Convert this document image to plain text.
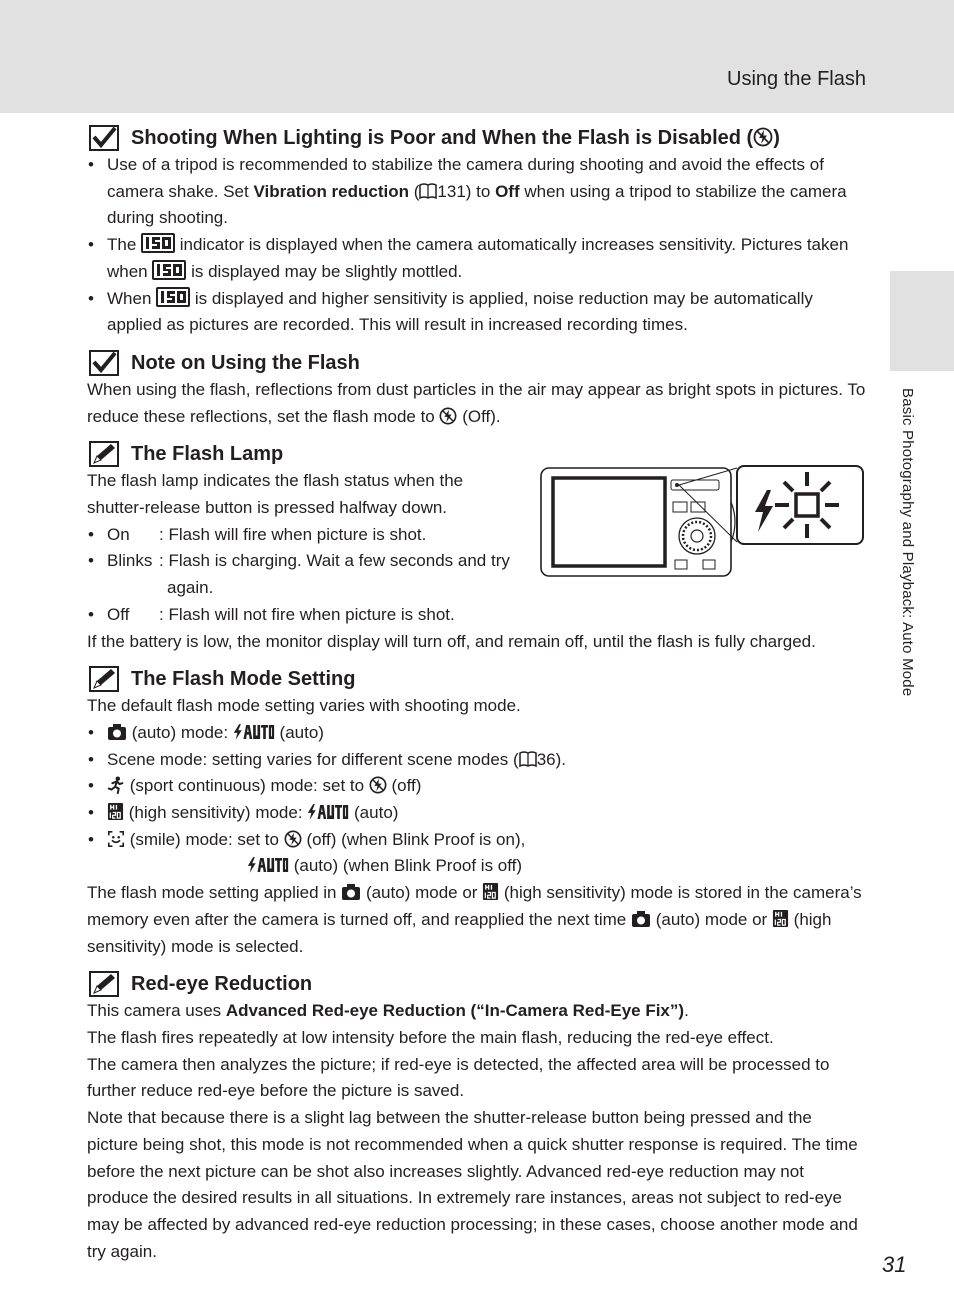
Using the Flash
Basic Photography and Playback: Auto Mode
Shooting When Lighting is Poor and When the Flash is Disabled ( )
• Use of a tripod is recommended to stabilize the camera during shooting and avoid the effects of camera shake. Set Vibration reduction ( 131) to Off when using a tripod to stabilize the camera during shooting.
• The  indicator is displayed when the camera automatically increases sensitivity. Pictures taken when  is displayed may be slightly mottled.
• When  is displayed and higher sensitivity is applied, noise reduction may be automatically applied as pictures are recorded. This will result in increased recording times.
Note on Using the Flash

When using the flash, reflections from dust particles in the air may appear as bright spots in pictures. To reduce these reflections, set the flash mode to  (Off).

The Flash Lamp

The flash lamp indicates the flash status when the shutter-release button is pressed halfway down.

• On : Flash will fire when picture is shot.
• Blinks : Flash is charging. Wait a few seconds and try
again.
• Off : Flash will not fire when picture is shot.

If the battery is low, the monitor display will turn off, and remain off, until the flash is fully charged.

The Flash Mode Setting

The default flash mode setting varies with shooting mode.

• (auto) mode:  (auto)
• Scene mode: setting varies for different scene modes ( 36).
• (sport continuous) mode: set to  (off)
• (high sensitivity) mode:  (auto)
• (smile) mode: set to  (off) (when Blink Proof is on),
(auto) (when Blink Proof is off)

The flash mode setting applied in  (auto) mode or  (high sensitivity) mode is stored in the camera’s memory even after the camera is turned off, and reapplied the next time  (auto) mode or  (high sensitivity) mode is selected.

Red-eye Reduction

This camera uses Advanced Red-eye Reduction (“In-Camera Red-Eye Fix”).

The flash fires repeatedly at low intensity before the main flash, reducing the red-eye effect.

The camera then analyzes the picture; if red-eye is detected, the affected area will be processed to further reduce red-eye before the picture is saved.

Note that because there is a slight lag between the shutter-release button being pressed and the picture being shot, this mode is not recommended when a quick shutter response is required. The time before the next picture can be shot also increases slightly. Advanced red-eye reduction may not produce the desired results in all situations. In extremely rare instances, areas not subject to red-eye may be affected by advanced red-eye reduction processing; in these cases, choose another mode and try again.

31
